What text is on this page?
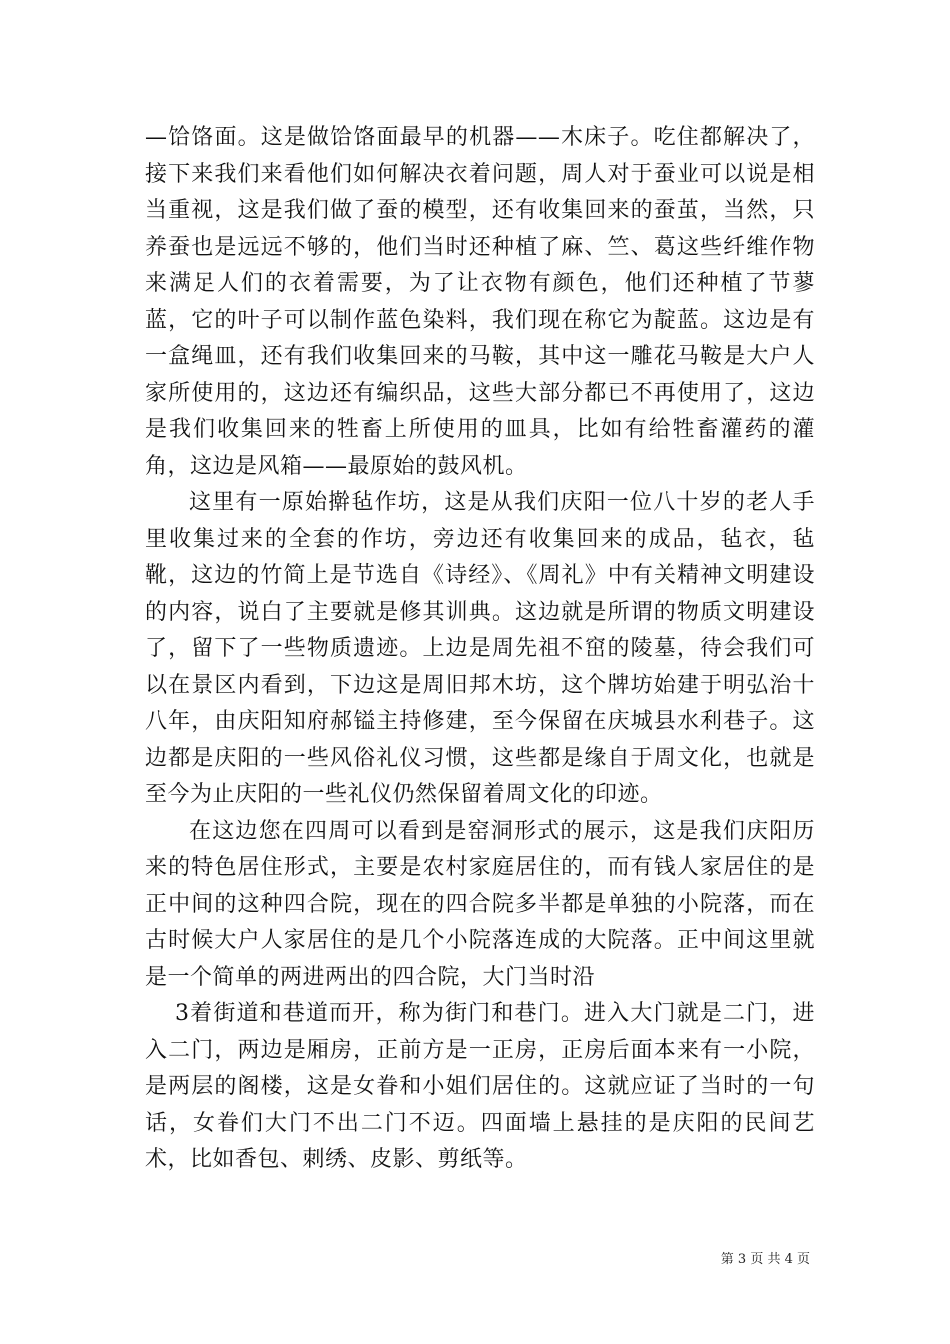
—饸饹面。这是做饸饹面最早的机器——木床子。吃住都解决了，接下来我们来看他们如何解决衣着问题，周人对于蚕业可以说是相当重视，这是我们做了蚕的模型，还有收集回来的蚕茧，当然，只养蚕也是远远不够的，他们当时还种植了麻、竺、葛这些纤维作物来满足人们的衣着需要，为了让衣物有颜色，他们还种植了节蓼蓝，它的叶子可以制作蓝色染料，我们现在称它为靛蓝。这边是有一盒绳皿，还有我们收集回来的马鞍，其中这一雕花马鞍是大户人家所使用的，这边还有编织品，这些大部分都已不再使用了，这边是我们收集回来的牲畜上所使用的皿具，比如有给牲畜灌药的灌角，这边是风箱——最原始的鼓风机。

这里有一原始擀毡作坊，这是从我们庆阳一位八十岁的老人手里收集过来的全套的作坊，旁边还有收集回来的成品，毡衣，毡靴，这边的竹简上是节选自《诗经》、《周礼》中有关精神文明建设的内容，说白了主要就是修其训典。这边就是所谓的物质文明建设了，留下了一些物质遗迹。上边是周先祖不窋的陵墓，待会我们可以在景区内看到，下边这是周旧邦木坊，这个牌坊始建于明弘治十八年，由庆阳知府郝镒主持修建，至今保留在庆城县水利巷子。这边都是庆阳的一些风俗礼仪习惯，这些都是缘自于周文化，也就是至今为止庆阳的一些礼仪仍然保留着周文化的印迹。

在这边您在四周可以看到是窑洞形式的展示，这是我们庆阳历来的特色居住形式，主要是农村家庭居住的，而有钱人家居住的是正中间的这种四合院，现在的四合院多半都是单独的小院落，而在古时候大户人家居住的是几个小院落连成的大院落。正中间这里就是一个简单的两进两出的四合院，大门当时沿

3着街道和巷道而开，称为街门和巷门。进入大门就是二门，进入二门，两边是厢房，正前方是一正房，正房后面本来有一小院，是两层的阁楼，这是女眷和小姐们居住的。这就应证了当时的一句话，女眷们大门不出二门不迈。四面墙上悬挂的是庆阳的民间艺术，比如香包、刺绣、皮影、剪纸等。

第 3 页 共 4 页
